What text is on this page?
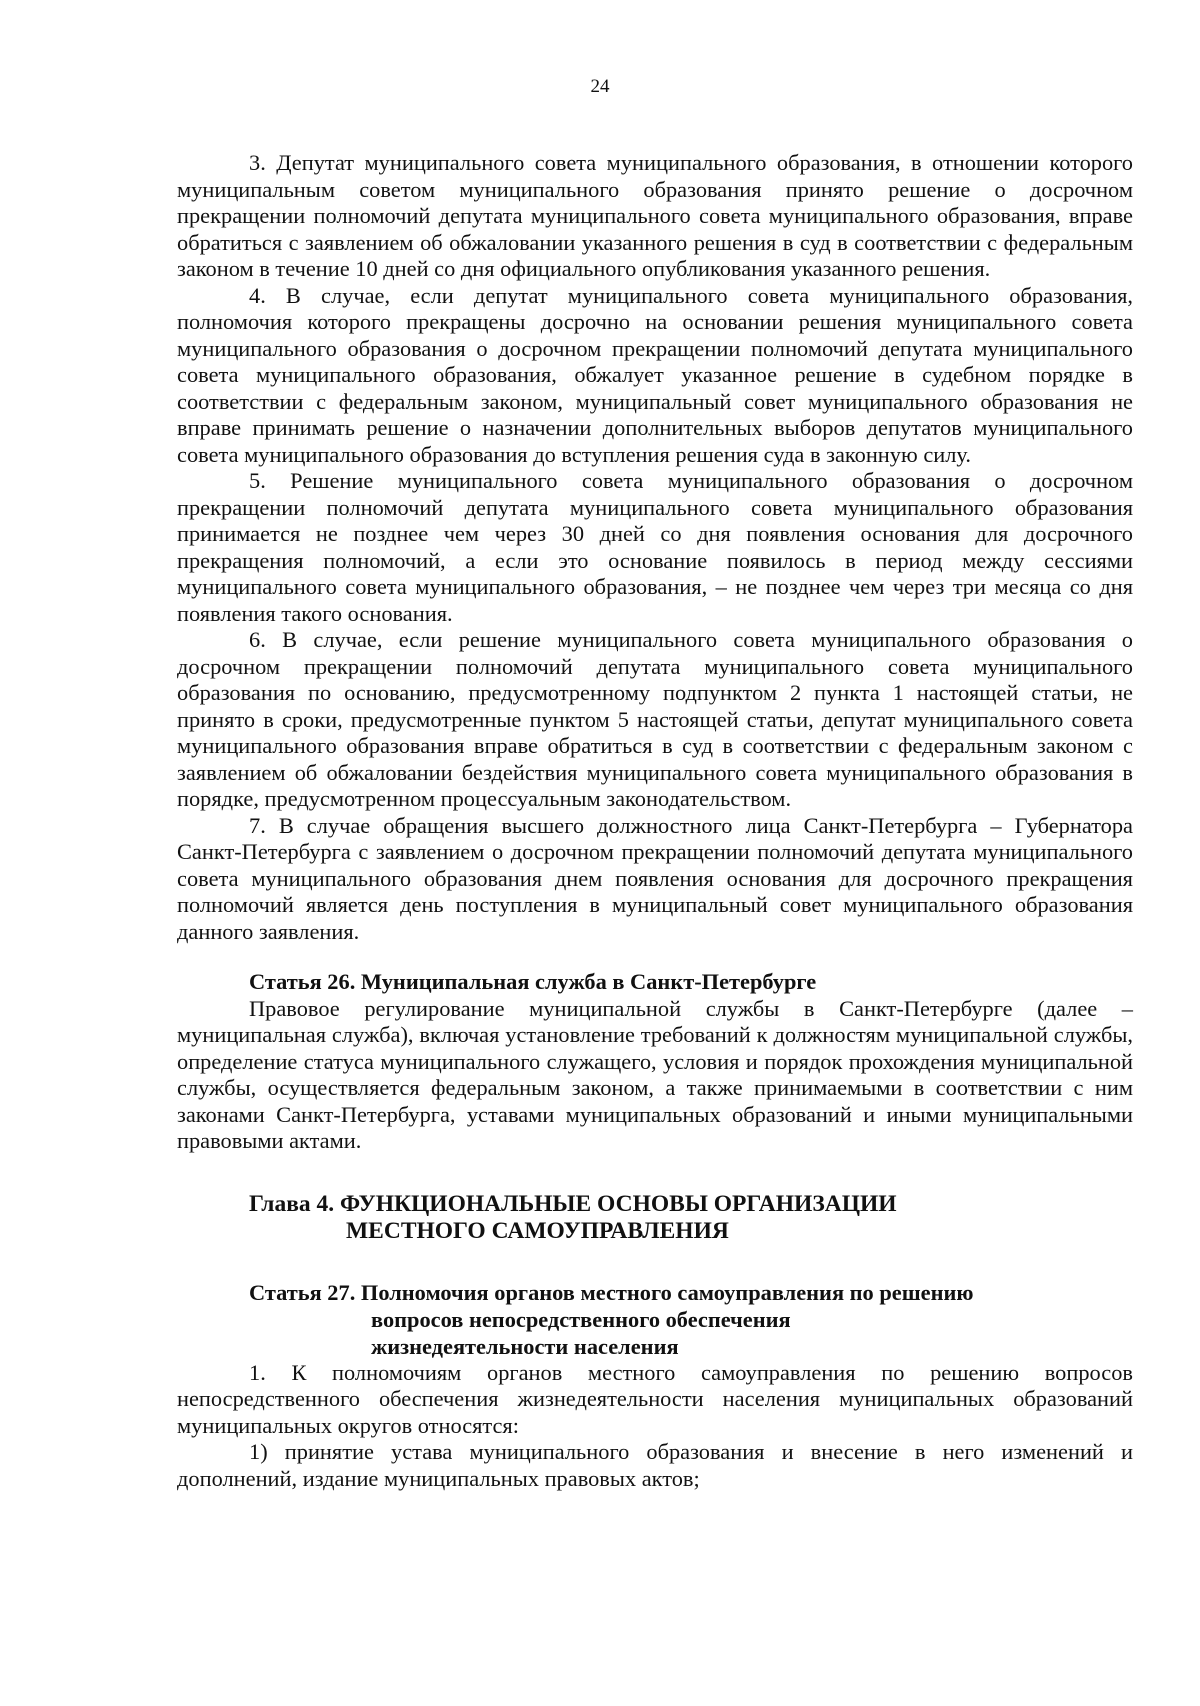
24

3. Депутат муниципального совета муниципального образования, в отношении которого муниципальным советом муниципального образования принято решение о досрочном прекращении полномочий депутата муниципального совета муниципального образования, вправе обратиться с заявлением об обжаловании указанного решения в суд в соответствии с федеральным законом в течение 10 дней со дня официального опубликования указанного решения.

4. В случае, если депутат муниципального совета муниципального образования, полномочия которого прекращены досрочно на основании решения муниципального совета муниципального образования о досрочном прекращении полномочий депутата муниципального совета муниципального образования, обжалует указанное решение в судебном порядке в соответствии с федеральным законом, муниципальный совет муниципального образования не вправе принимать решение о назначении дополнительных выборов депутатов муниципального совета муниципального образования до вступления решения суда в законную силу.

5. Решение муниципального совета муниципального образования о досрочном прекращении полномочий депутата муниципального совета муниципального образования принимается не позднее чем через 30 дней со дня появления основания для досрочного прекращения полномочий, а если это основание появилось в период между сессиями муниципального совета муниципального образования, – не позднее чем через три месяца со дня появления такого основания.

6. В случае, если решение муниципального совета муниципального образования о досрочном прекращении полномочий депутата муниципального совета муниципального образования по основанию, предусмотренному подпунктом 2 пункта 1 настоящей статьи, не принято в сроки, предусмотренные пунктом 5 настоящей статьи, депутат муниципального совета муниципального образования вправе обратиться в суд в соответствии с федеральным законом с заявлением об обжаловании бездействия муниципального совета муниципального образования в порядке, предусмотренном процессуальным законодательством.

7. В случае обращения высшего должностного лица Санкт-Петербурга – Губернатора Санкт-Петербурга с заявлением о досрочном прекращении полномочий депутата муниципального совета муниципального образования днем появления основания для досрочного прекращения полномочий является день поступления в муниципальный совет муниципального образования данного заявления.

Статья 26. Муниципальная служба в Санкт-Петербурге

Правовое регулирование муниципальной службы в Санкт-Петербурге (далее – муниципальная служба), включая установление требований к должностям муниципальной службы, определение статуса муниципального служащего, условия и порядок прохождения муниципальной службы, осуществляется федеральным законом, а также принимаемыми в соответствии с ним законами Санкт-Петербурга, уставами муниципальных образований и иными муниципальными правовыми актами.

Глава 4. ФУНКЦИОНАЛЬНЫЕ ОСНОВЫ ОРГАНИЗАЦИИ
МЕСТНОГО САМОУПРАВЛЕНИЯ

Статья 27. Полномочия органов местного самоуправления по решению
вопросов непосредственного обеспечения
жизнедеятельности населения

1. К полномочиям органов местного самоуправления по решению вопросов непосредственного обеспечения жизнедеятельности населения муниципальных образований муниципальных округов относятся:

1) принятие устава муниципального образования и внесение в него изменений и дополнений, издание муниципальных правовых актов;
